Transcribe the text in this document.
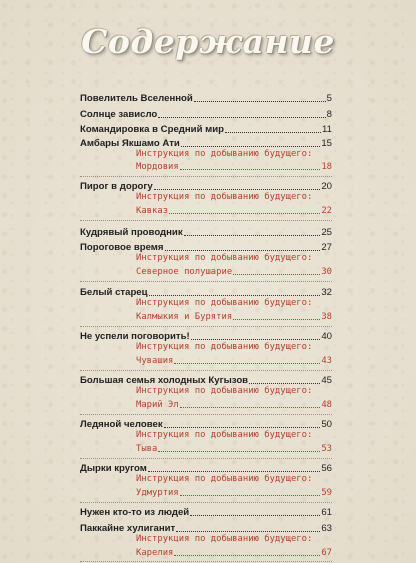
Содержание
Повелитель Вселенной	5
Солнце зависло	8
Командировка в Средний мир	11
Амбары Якшамо Ати	15
Инструкция по добыванию будущего:
Мордовия	18
Пирог в дорогу	20
Инструкция по добыванию будущего:
Кавказ	22
Кудрявый проводник	25
Пороговое время	27
Инструкция по добыванию будущего:
Северное полушарие	30
Белый старец	32
Инструкция по добыванию будущего:
Калмыкия и Бурятия	38
Не успели поговорить!	40
Инструкция по добыванию будущего:
Чувашия	43
Большая семья холодных Кугызов	45
Инструкция по добыванию будущего:
Марий Эл	48
Ледяной человек	50
Инструкция по добыванию будущего:
Тыва	53
Дырки кругом	56
Инструкция по добыванию будущего:
Удмуртия	59
Нужен кто-то из людей	61
Паккайне хулиганит	63
Инструкция по добыванию будущего:
Карелия	67
